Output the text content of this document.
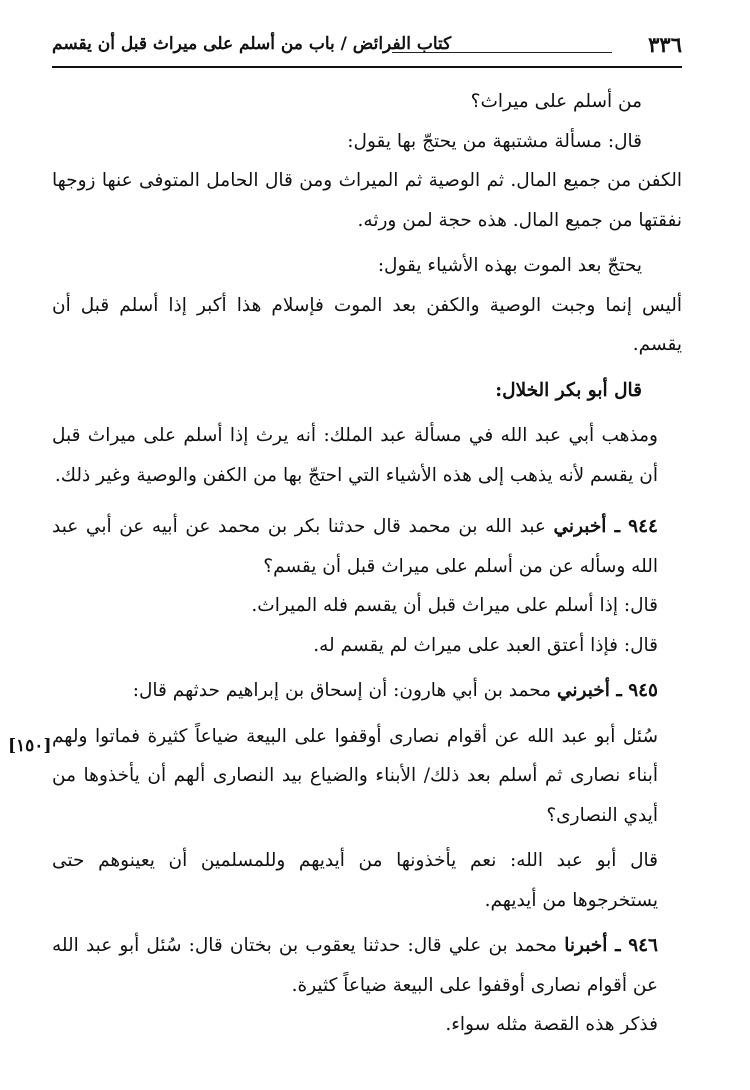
٣٣٦
كتاب الفرائض / باب من أسلم على ميراث قبل أن يقسم

من أسلم على ميراث؟

قال: مسألة مشتبهة من يحتجّ بها يقول:

الكفن من جميع المال. ثم الوصية ثم الميراث ومن قال الحامل المتوفى عنها زوجها نفقتها من جميع المال. هذه حجة لمن ورثه.

يحتجّ بعد الموت بهذه الأشياء يقول:

أليس إنما وجبت الوصية والكفن بعد الموت فإسلام هذا أكبر إذا أسلم قبل أن يقسم.

قال أبو بكر الخلال:

ومذهب أبي عبد الله في مسألة عبد الملك: أنه يرث إذا أسلم على ميراث قبل أن يقسم لأنه يذهب إلى هذه الأشياء التي احتجّ بها من الكفن والوصية وغير ذلك.

٩٤٤ ـ أخبرني عبد الله بن محمد قال حدثنا بكر بن محمد عن أبيه عن أبي عبد الله وسأله عن من أسلم على ميراث قبل أن يقسم؟

قال: إذا أسلم على ميراث قبل أن يقسم فله الميراث.

قال: فإذا أعتق العبد على ميراث لم يقسم له.

٩٤٥ ـ أخبرني محمد بن أبي هارون: أن إسحاق بن إبراهيم حدثهم قال:

سُئل أبو عبد الله عن أقوام نصارى أوقفوا على البيعة ضياعاً كثيرة فماتوا ولهم أبناء نصارى ثم أسلم بعد ذلك/ الأبناء والضياع بيد النصارى ألهم أن يأخذوها من أيدي النصارى؟

قال أبو عبد الله: نعم يأخذونها من أيديهم وللمسلمين أن يعينوهم حتى يستخرجوها من أيديهم.

٩٤٦ ـ أخبرنا محمد بن علي قال: حدثنا يعقوب بن بختان قال: سُئل أبو عبد الله عن أقوام نصارى أوقفوا على البيعة ضياعاً كثيرة.

فذكر هذه القصة مثله سواء.

[١٥٠]
